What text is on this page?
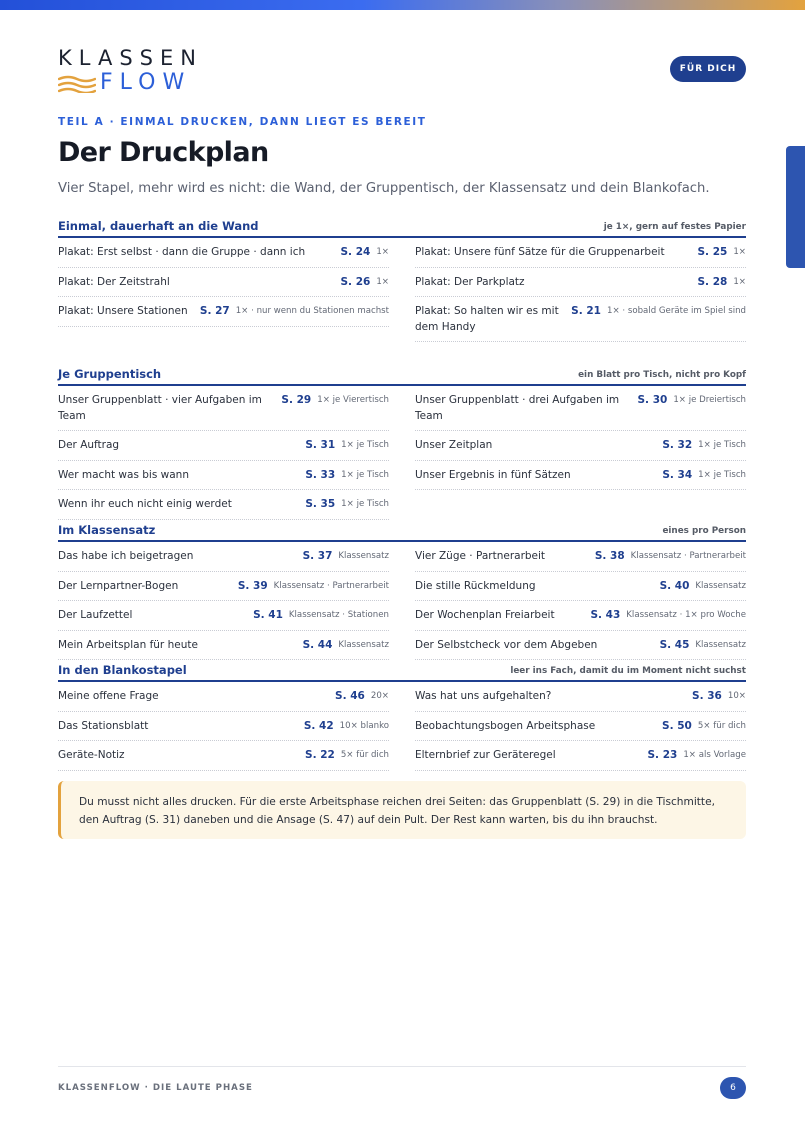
KLASSEN
FLOW
FÜR DICH
TEIL A · EINMAL DRUCKEN, DANN LIEGT ES BEREIT
Der Druckplan

Vier Stapel, mehr wird es nicht: die Wand, der Gruppentisch, der Klassensatz und dein Blankofach.

Einmal, dauerhaft an die Wand	je 1×, gern auf festes Papier
Plakat: Erst selbst · dann die Gruppe · dann ich	S. 24 1×
Plakat: Der Zeitstrahl	S. 26 1×
Plakat: Unsere Stationen	S. 27 1× · nur wenn du Stationen machst
Plakat: Unsere fünf Sätze für die Gruppenarbeit	S. 25 1×
Plakat: Der Parkplatz	S. 28 1×
Plakat: So halten wir es mit dem Handy
S. 21 1× · sobald Geräte im Spiel sind
Je Gruppentisch	ein Blatt pro Tisch, nicht pro Kopf
Unser Gruppenblatt · vier Aufgaben im Team
S. 29 1× je Vierertisch
Der Auftrag	S. 31 1× je Tisch
Wer macht was bis wann	S. 33 1× je Tisch
Wenn ihr euch nicht einig werdet	S. 35 1× je Tisch
Unser Gruppenblatt · drei Aufgaben im Team
S. 30 1× je Dreiertisch
Unser Zeitplan	S. 32 1× je Tisch
Unser Ergebnis in fünf Sätzen	S. 34 1× je Tisch
Im Klassensatz	eines pro Person
Das habe ich beigetragen	S. 37 Klassensatz
Der Lernpartner-Bogen	S. 39 Klassensatz · Partnerarbeit
Der Laufzettel	S. 41 Klassensatz · Stationen
Mein Arbeitsplan für heute	S. 44 Klassensatz
Vier Züge · Partnerarbeit	S. 38 Klassensatz · Partnerarbeit
Die stille Rückmeldung	S. 40 Klassensatz
Der Wochenplan Freiarbeit	S. 43 Klassensatz · 1× pro Woche
Der Selbstcheck vor dem Abgeben	S. 45 Klassensatz
In den Blankostapel	leer ins Fach, damit du im Moment nicht suchst
Meine offene Frage	S. 46 20×
Das Stationsblatt	S. 42 10× blanko
Geräte-Notiz	S. 22 5× für dich
Was hat uns aufgehalten?	S. 36 10×
Beobachtungsbogen Arbeitsphase	S. 50 5× für dich
Elternbrief zur Geräteregel	S. 23 1× als Vorlage
Du musst nicht alles drucken. Für die erste Arbeitsphase reichen drei Seiten: das Gruppenblatt (S. 29) in die Tischmitte, den Auftrag (S. 31) daneben und die Ansage (S. 47) auf dein Pult. Der Rest kann warten, bis du ihn brauchst.
KLASSENFLOW · DIE LAUTE PHASE	6
